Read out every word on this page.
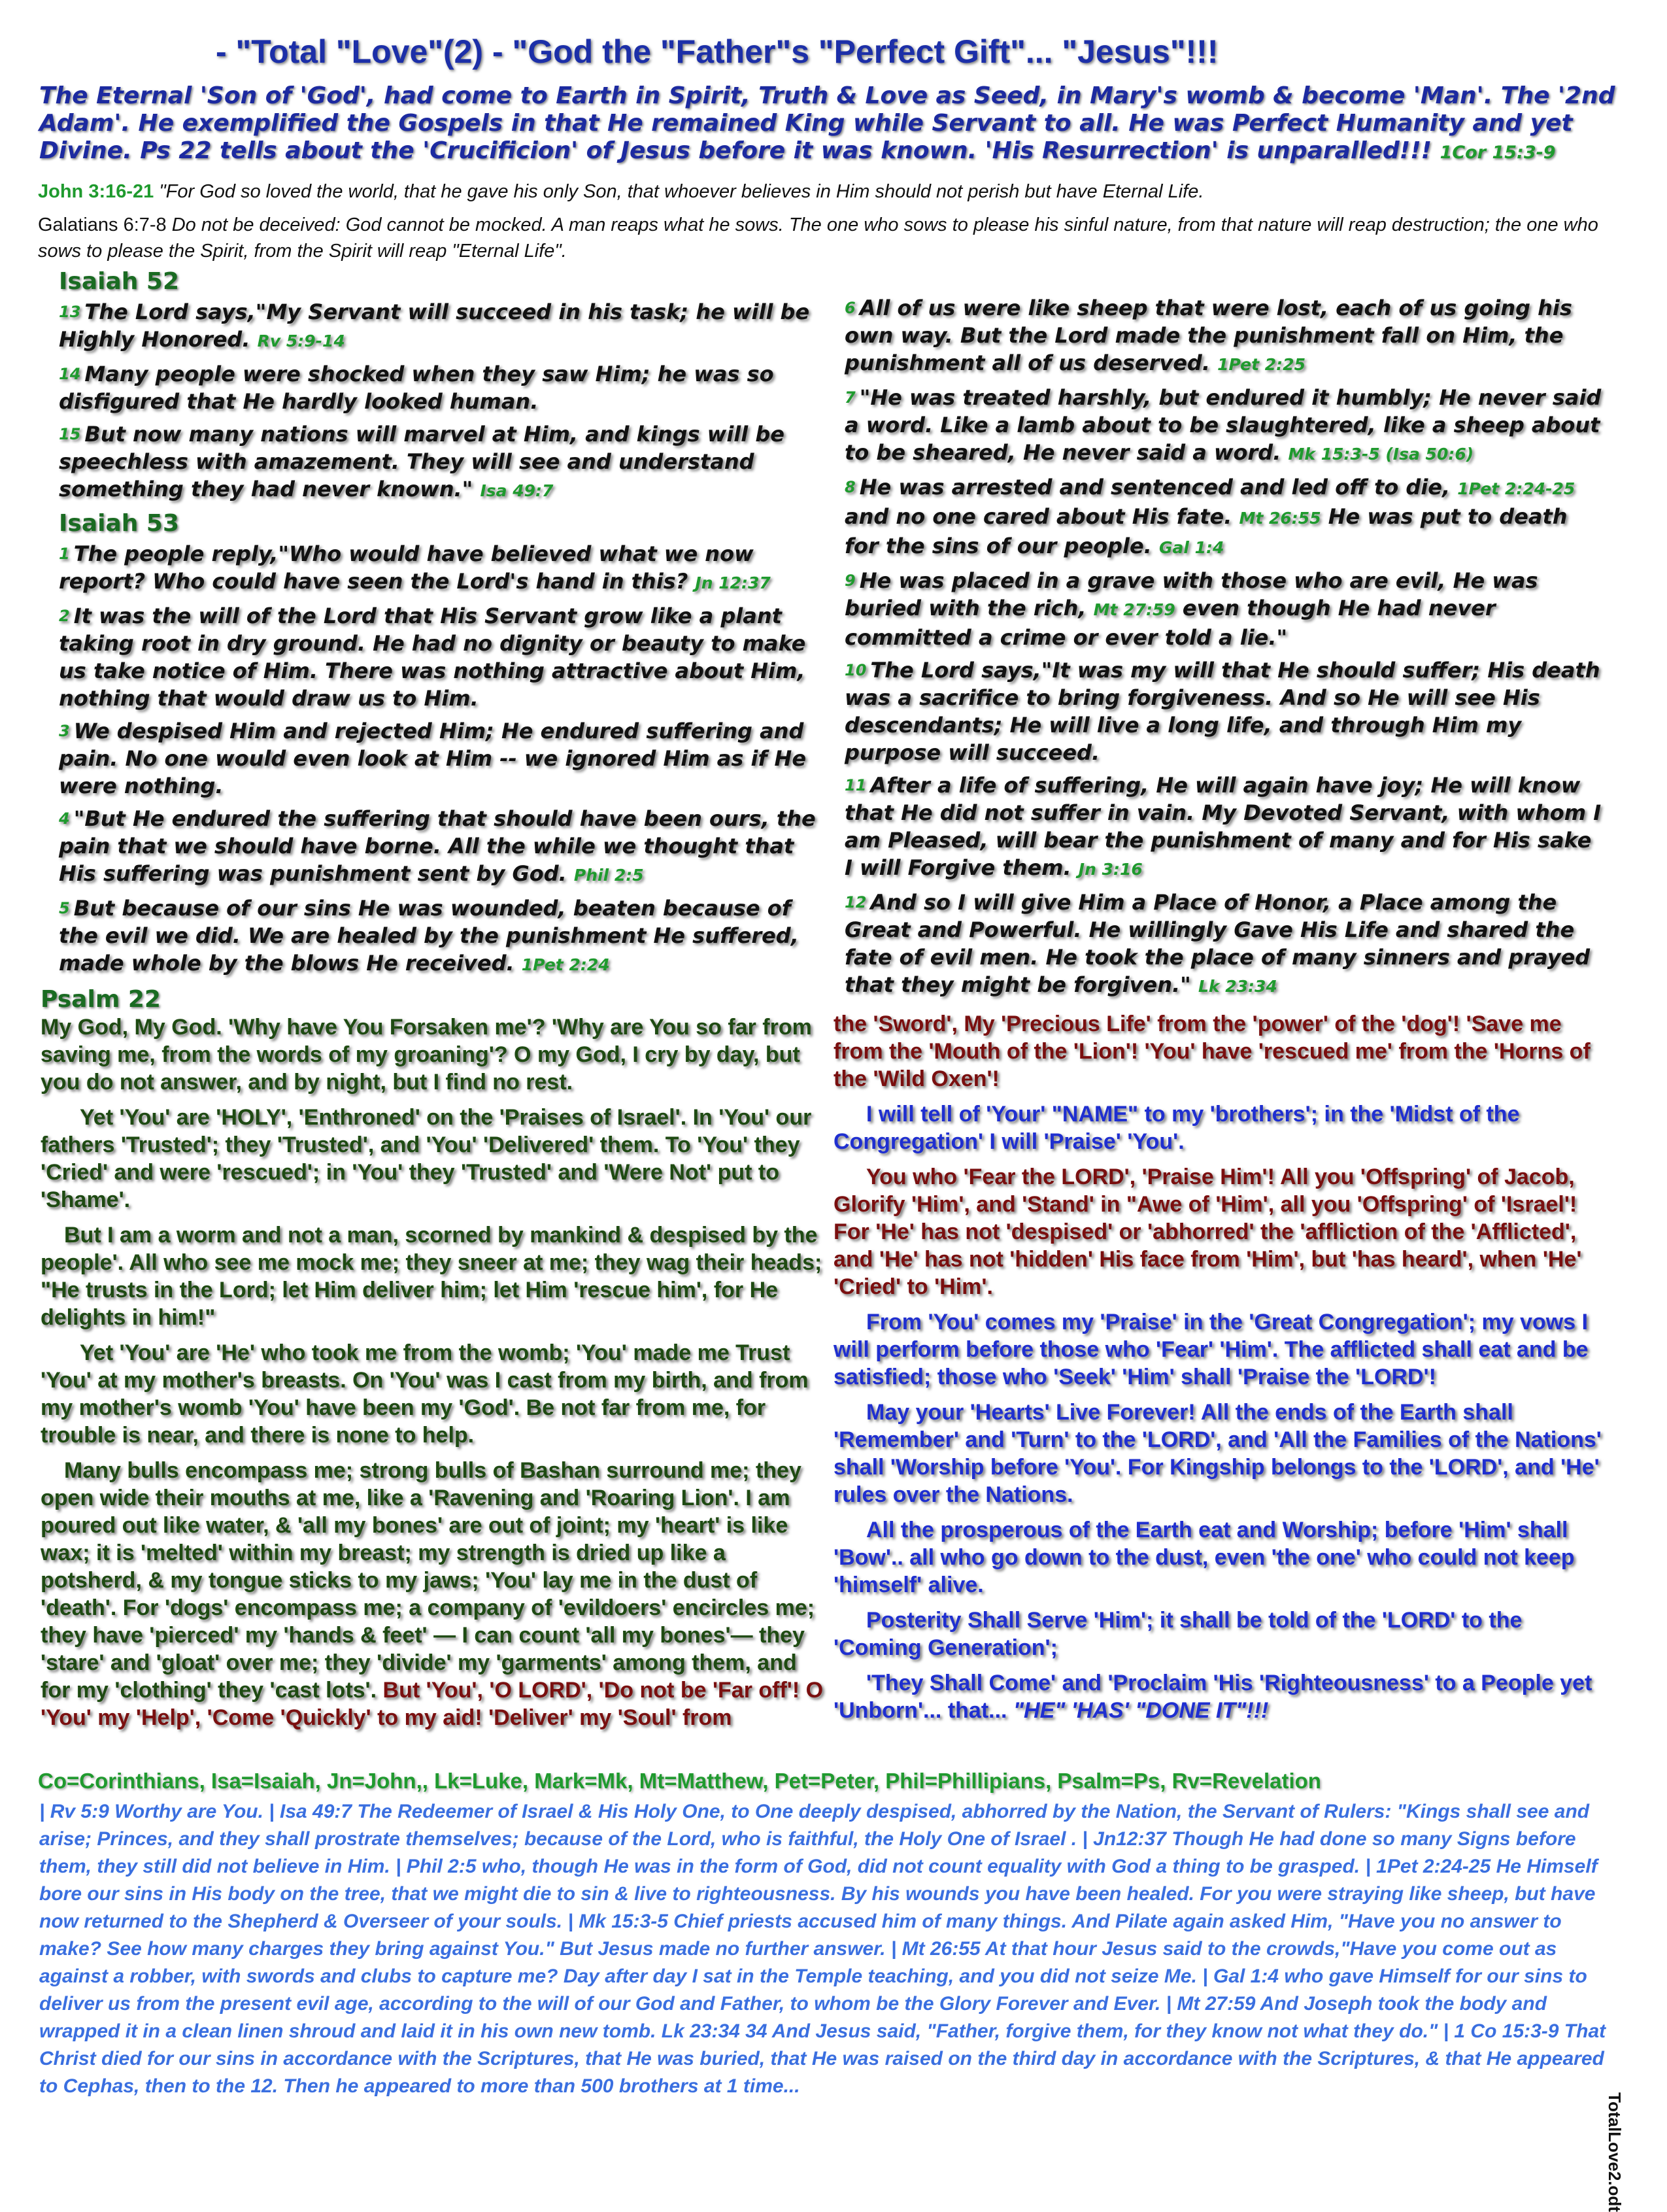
- "Total "Love"(2) - "God the "Father"s "Perfect Gift"... "Jesus"!!!
The Eternal 'Son of 'God', had come to Earth in Spirit, Truth & Love as Seed, in Mary's womb & become 'Man'. The '2nd Adam'. He exemplified the Gospels in that He remained King while Servant to all. He was Perfect Humanity and yet Divine. Ps 22 tells about the 'Crucificion' of Jesus before it was known. 'His Resurrection' is unparalled!!! 1Cor 15:3-9
John 3:16-21 "For God so loved the world, that he gave his only Son, that whoever believes in Him should not perish but have Eternal Life.
Galatians 6:7-8 Do not be deceived: God cannot be mocked. A man reaps what he sows. The one who sows to please his sinful nature, from that nature will reap destruction; the one who sows to please the Spirit, from the Spirit will reap "Eternal Life".
Isaiah 52

13 The Lord says,"My Servant will succeed in his task; he will be Highly Honored. Rv 5:9-14

14 Many people were shocked when they saw Him; he was so disfigured that He hardly looked human.

15 But now many nations will marvel at Him, and kings will be speechless with amazement. They will see and understand something they had never known." Isa 49:7

Isaiah 53

1 The people reply,"Who would have believed what we now report? Who could have seen the Lord's hand in this? Jn 12:37

2 It was the will of the Lord that His Servant grow like a plant taking root in dry ground. He had no dignity or beauty to make us take notice of Him. There was nothing attractive about Him, nothing that would draw us to Him.

3 We despised Him and rejected Him; He endured suffering and pain. No one would even look at Him -- we ignored Him as if He were nothing.

4 "But He endured the suffering that should have been ours, the pain that we should have borne. All the while we thought that His suffering was punishment sent by God. Phil 2:5

5 But because of our sins He was wounded, beaten because of the evil we did. We are healed by the punishment He suffered, made whole by the blows He received. 1Pet 2:24

6 All of us were like sheep that were lost, each of us going his own way. But the Lord made the punishment fall on Him, the punishment all of us deserved. 1Pet 2:25

7 "He was treated harshly, but endured it humbly; He never said a word. Like a lamb about to be slaughtered, like a sheep about to be sheared, He never said a word. Mk 15:3-5 (Isa 50:6)

8 He was arrested and sentenced and led off to die, 1Pet 2:24-25 and no one cared about His fate. Mt 26:55 He was put to death for the sins of our people. Gal 1:4

9 He was placed in a grave with those who are evil, He was buried with the rich, Mt 27:59 even though He had never committed a crime or ever told a lie."

10 The Lord says,"It was my will that He should suffer; His death was a sacrifice to bring forgiveness. And so He will see His descendants; He will live a long life, and through Him my purpose will succeed.

11 After a life of suffering, He will again have joy; He will know that He did not suffer in vain. My Devoted Servant, with whom I am Pleased, will bear the punishment of many and for His sake I will Forgive them. Jn 3:16

12 And so I will give Him a Place of Honor, a Place among the Great and Powerful. He willingly Gave His Life and shared the fate of evil men. He took the place of many sinners and prayed that they might be forgiven." Lk 23:34

Psalm 22

My God, My God. 'Why have You Forsaken me'? 'Why are You so far from saving me, from the words of my groaning'? O my God, I cry by day, but you do not answer, and by night, but I find no rest.

Yet 'You' are 'HOLY', 'Enthroned' on the 'Praises of Israel'. In 'You' our fathers 'Trusted'; they 'Trusted', and 'You' 'Delivered' them. To 'You' they 'Cried' and were 'rescued'; in 'You' they 'Trusted' and 'Were Not' put to 'Shame'.

But I am a worm and not a man, scorned by mankind & despised by the people'. All who see me mock me; they sneer at me; they wag their heads; "He trusts in the Lord; let Him deliver him; let Him 'rescue him', for He delights in him!"

Yet 'You' are 'He' who took me from the womb; 'You' made me Trust 'You' at my mother's breasts. On 'You' was I cast from my birth, and from my mother's womb 'You' have been my 'God'. Be not far from me, for trouble is near, and there is none to help.

Many bulls encompass me; strong bulls of Bashan surround me; they open wide their mouths at me, like a 'Ravening and 'Roaring Lion'. I am poured out like water, & 'all my bones' are out of joint; my 'heart' is like wax; it is 'melted' within my breast; my strength is dried up like a potsherd, & my tongue sticks to my jaws; 'You' lay me in the dust of 'death'. For 'dogs' encompass me; a company of 'evildoers' encircles me; they have 'pierced' my 'hands & feet' — I can count 'all my bones'— they 'stare' and 'gloat' over me; they 'divide' my 'garments' among them, and for my 'clothing' they 'cast lots'. But 'You', 'O LORD', 'Do not be 'Far off'! O 'You' my 'Help', 'Come 'Quickly' to my aid! 'Deliver' my 'Soul' from

the 'Sword', My 'Precious Life' from the 'power' of the 'dog'! 'Save me from the 'Mouth of the 'Lion'! 'You' have 'rescued me' from the 'Horns of the 'Wild Oxen'!

I will tell of 'Your' "NAME" to my 'brothers'; in the 'Midst of the Congregation' I will 'Praise' 'You'.

You who 'Fear the LORD', 'Praise Him'! All you 'Offspring' of Jacob, Glorify 'Him', and 'Stand' in "Awe of 'Him', all you 'Offspring' of 'Israel'! For 'He' has not 'despised' or 'abhorred' the 'affliction of the 'Afflicted', and 'He' has not 'hidden' His face from 'Him', but 'has heard', when 'He' 'Cried' to 'Him'.

From 'You' comes my 'Praise' in the 'Great Congregation'; my vows I will perform before those who 'Fear' 'Him'. The afflicted shall eat and be satisfied; those who 'Seek' 'Him' shall 'Praise the 'LORD'!

May your 'Hearts' Live Forever! All the ends of the Earth shall 'Remember' and 'Turn' to the 'LORD', and 'All the Families of the Nations' shall 'Worship before 'You'. For Kingship belongs to the 'LORD', and 'He' rules over the Nations.

All the prosperous of the Earth eat and Worship; before 'Him' shall 'Bow'.. all who go down to the dust, even 'the one' who could not keep 'himself' alive.

Posterity Shall Serve 'Him'; it shall be told of the 'LORD' to the 'Coming Generation';

'They Shall Come' and 'Proclaim 'His 'Righteousness' to a People yet 'Unborn'... that... "HE" 'HAS' "DONE IT"!!!

Co=Corinthians, Isa=Isaiah, Jn=John,, Lk=Luke, Mark=Mk, Mt=Matthew, Pet=Peter, Phil=Phillipians, Psalm=Ps, Rv=Revelation
| Rv 5:9 Worthy are You. | Isa 49:7 The Redeemer of Israel & His Holy One, to One deeply despised, abhorred by the Nation, the Servant of Rulers: "Kings shall see and arise; Princes, and they shall prostrate themselves; because of the Lord, who is faithful, the Holy One of Israel . | Jn12:37 Though He had done so many Signs before them, they still did not believe in Him. | Phil 2:5 who, though He was in the form of God, did not count equality with God a thing to be grasped. | 1Pet 2:24-25 He Himself bore our sins in His body on the tree, that we might die to sin & live to righteousness. By his wounds you have been healed. For you were straying like sheep, but have now returned to the Shepherd & Overseer of your souls. | Mk 15:3-5 Chief priests accused him of many things. And Pilate again asked Him, "Have you no answer to make? See how many charges they bring against You." But Jesus made no further answer. | Mt 26:55 At that hour Jesus said to the crowds,"Have you come out as against a robber, with swords and clubs to capture me? Day after day I sat in the Temple teaching, and you did not seize Me. | Gal 1:4 who gave Himself for our sins to deliver us from the present evil age, according to the will of our God and Father, to whom be the Glory Forever and Ever. | Mt 27:59 And Joseph took the body and wrapped it in a clean linen shroud and laid it in his own new tomb. Lk 23:34 34 And Jesus said, "Father, forgive them, for they know not what they do." | 1 Co 15:3-9 That Christ died for our sins in accordance with the Scriptures, that He was buried, that He was raised on the third day in accordance with the Scriptures, & that He appeared to Cephas, then to the 12. Then he appeared to more than 500 brothers at 1 time...
TotalLove2.odt
